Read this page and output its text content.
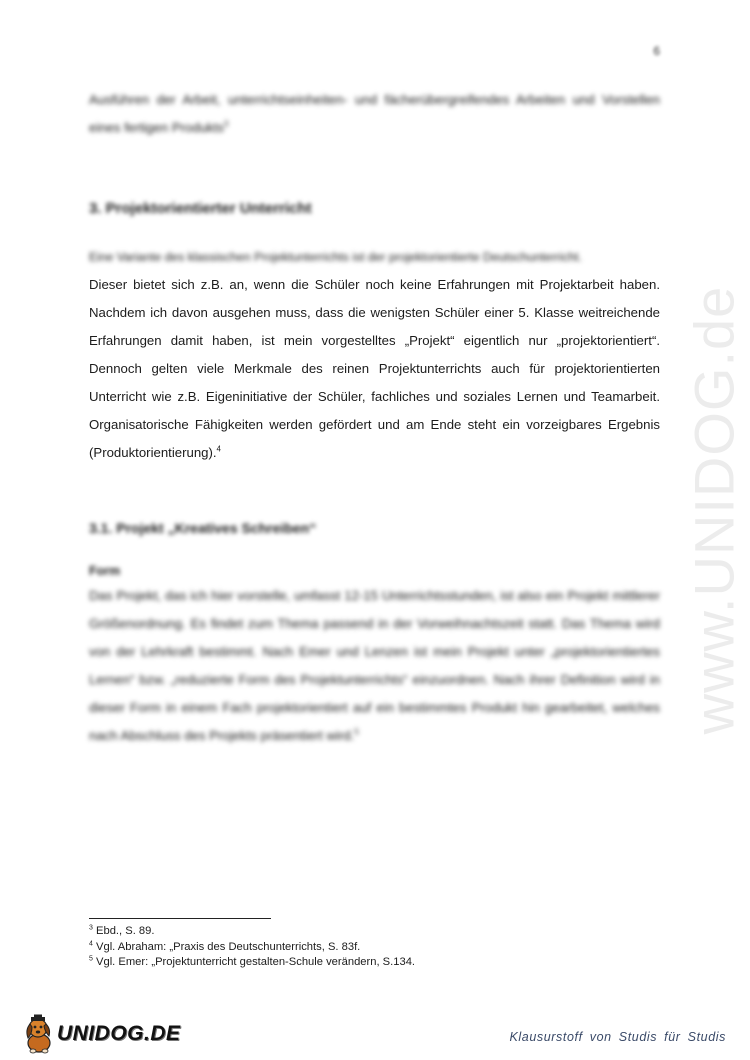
6
www.UNIDOG.de

Ausführen der Arbeit, unterrichtseinheiten- und fächerübergreifendes Arbeiten und Vorstellen eines fertigen Produkts$^3$

3. Projektorientierter Unterricht

Eine Variante des klassischen Projektunterrichts ist der projektorientierte Deutschunterricht.

Dieser bietet sich z.B. an, wenn die Schüler noch keine Erfahrungen mit Projektarbeit haben. Nachdem ich davon ausgehen muss, dass die wenigsten Schüler einer 5. Klasse weitreichende Erfahrungen damit haben, ist mein vorgestelltes „Projekt“ eigentlich nur „projektorientiert“. Dennoch gelten viele Merkmale des reinen Projektunterrichts auch für projektorientierten Unterricht wie z.B. Eigeninitiative der Schüler, fachliches und soziales Lernen und Teamarbeit. Organisatorische Fähigkeiten werden gefördert und am Ende steht ein vorzeigbares Ergebnis (Produktorientierung).$^4$

3.1. Projekt „Kreatives Schreiben“

Form

Das Projekt, das ich hier vorstelle, umfasst 12-15 Unterrichtsstunden, ist also ein Projekt mittlerer Größenordnung. Es findet zum Thema passend in der Vorweihnachtszeit statt. Das Thema wird von der Lehrkraft bestimmt. Nach Emer und Lenzen ist mein Projekt unter „projektorientiertes Lernen“ bzw. „reduzierte Form des Projektunterrichts“ einzuordnen. Nach ihrer Definition wird in dieser Form in einem Fach projektorientiert auf ein bestimmtes Produkt hin gearbeitet, welches nach Abschluss des Projekts präsentiert wird.$^5$

$^3$ Ebd., S. 89.
$^4$ Vgl. Abraham: „Praxis des Deutschunterrichts, S. 83f.
$^5$ Vgl. Emer: „Projektunterricht gestalten-Schule verändern, S.134.
UNIDOG.DE	Klausurstoff von Studis für Studis
